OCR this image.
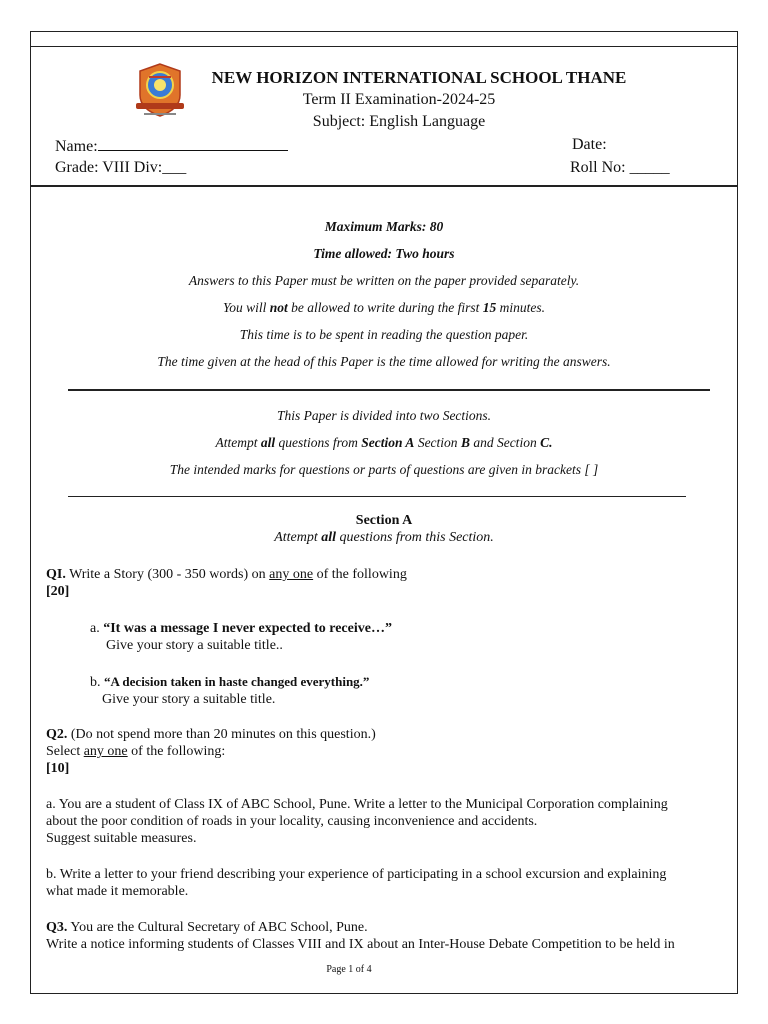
NEW HORIZON INTERNATIONAL SCHOOL THANE
Term II Examination-2024-25
Subject: English Language
Name:	Date:
Grade: VIII Div:___	Roll No: _____
Maximum Marks: 80
Time allowed: Two hours
Answers to this Paper must be written on the paper provided separately.
You will not be allowed to write during the first 15 minutes.
This time is to be spent in reading the question paper.
The time given at the head of this Paper is the time allowed for writing the answers.
This Paper is divided into two Sections.
Attempt all questions from Section A Section B and Section C.
The intended marks for questions or parts of questions are given in brackets [ ]
Section A
Attempt all questions from this Section.
QI. Write a Story (300 - 350 words) on any one of the following
[20]
a. “It was a message I never expected to receive…”
Give your story a suitable title..
b. “A decision taken in haste changed everything.”
Give your story a suitable title.
Q2. (Do not spend more than 20 minutes on this question.)
Select any one of the following:
[10]
a. You are a student of Class IX of ABC School, Pune. Write a letter to the Municipal Corporation complaining
about the poor condition of roads in your locality, causing inconvenience and accidents.
Suggest suitable measures.
b. Write a letter to your friend describing your experience of participating in a school excursion and explaining
what made it memorable.
Q3. You are the Cultural Secretary of ABC School, Pune.
Write a notice informing students of Classes VIII and IX about an Inter-House Debate Competition to be held in
Page 1 of 4
